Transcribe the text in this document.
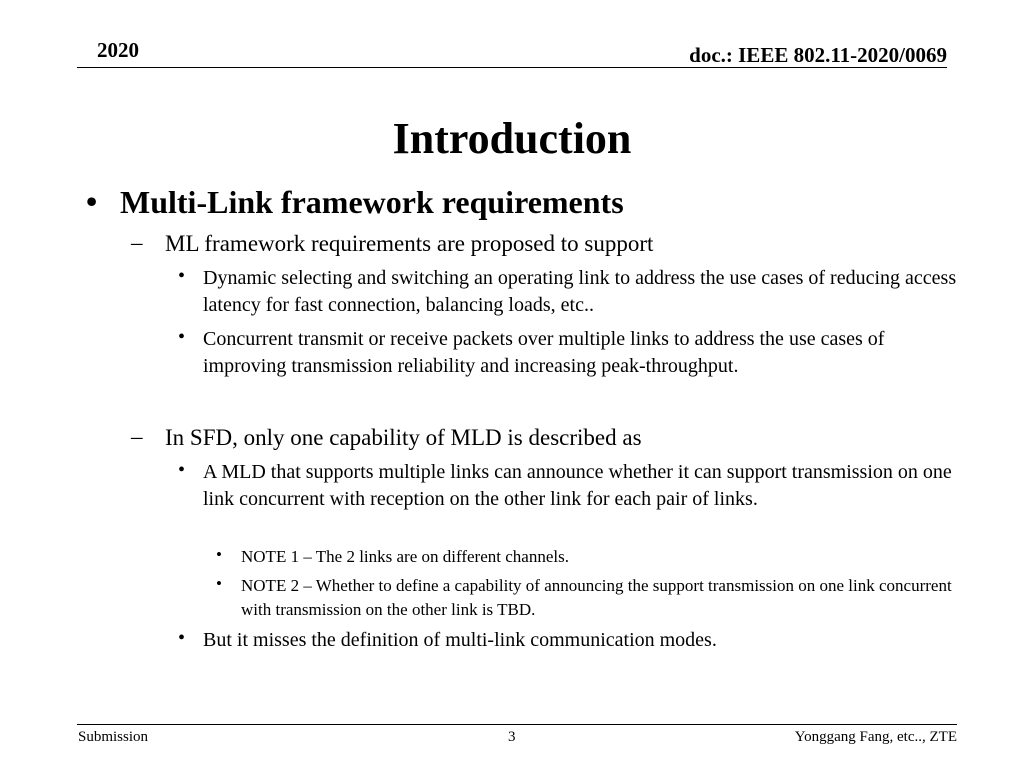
2020	doc.: IEEE 802.11-2020/0069
Introduction
• Multi-Link framework requirements
– ML framework requirements are proposed to support
• Dynamic selecting and switching an operating link to address the use cases of reducing access latency for fast connection, balancing loads, etc..
• Concurrent transmit or receive packets over multiple links to address the use cases of improving transmission reliability and increasing peak-throughput.
– In SFD, only one capability of MLD is described as
• A MLD that supports multiple links can announce whether it can support transmission on one link concurrent with reception on the other link for each pair of links.
• NOTE 1 – The 2 links are on different channels.
• NOTE 2 – Whether to define a capability of announcing the support transmission on one link concurrent with transmission on the other link is TBD.
• But it misses the definition of multi-link communication modes.
Submission	3	Yonggang Fang, etc.., ZTE
